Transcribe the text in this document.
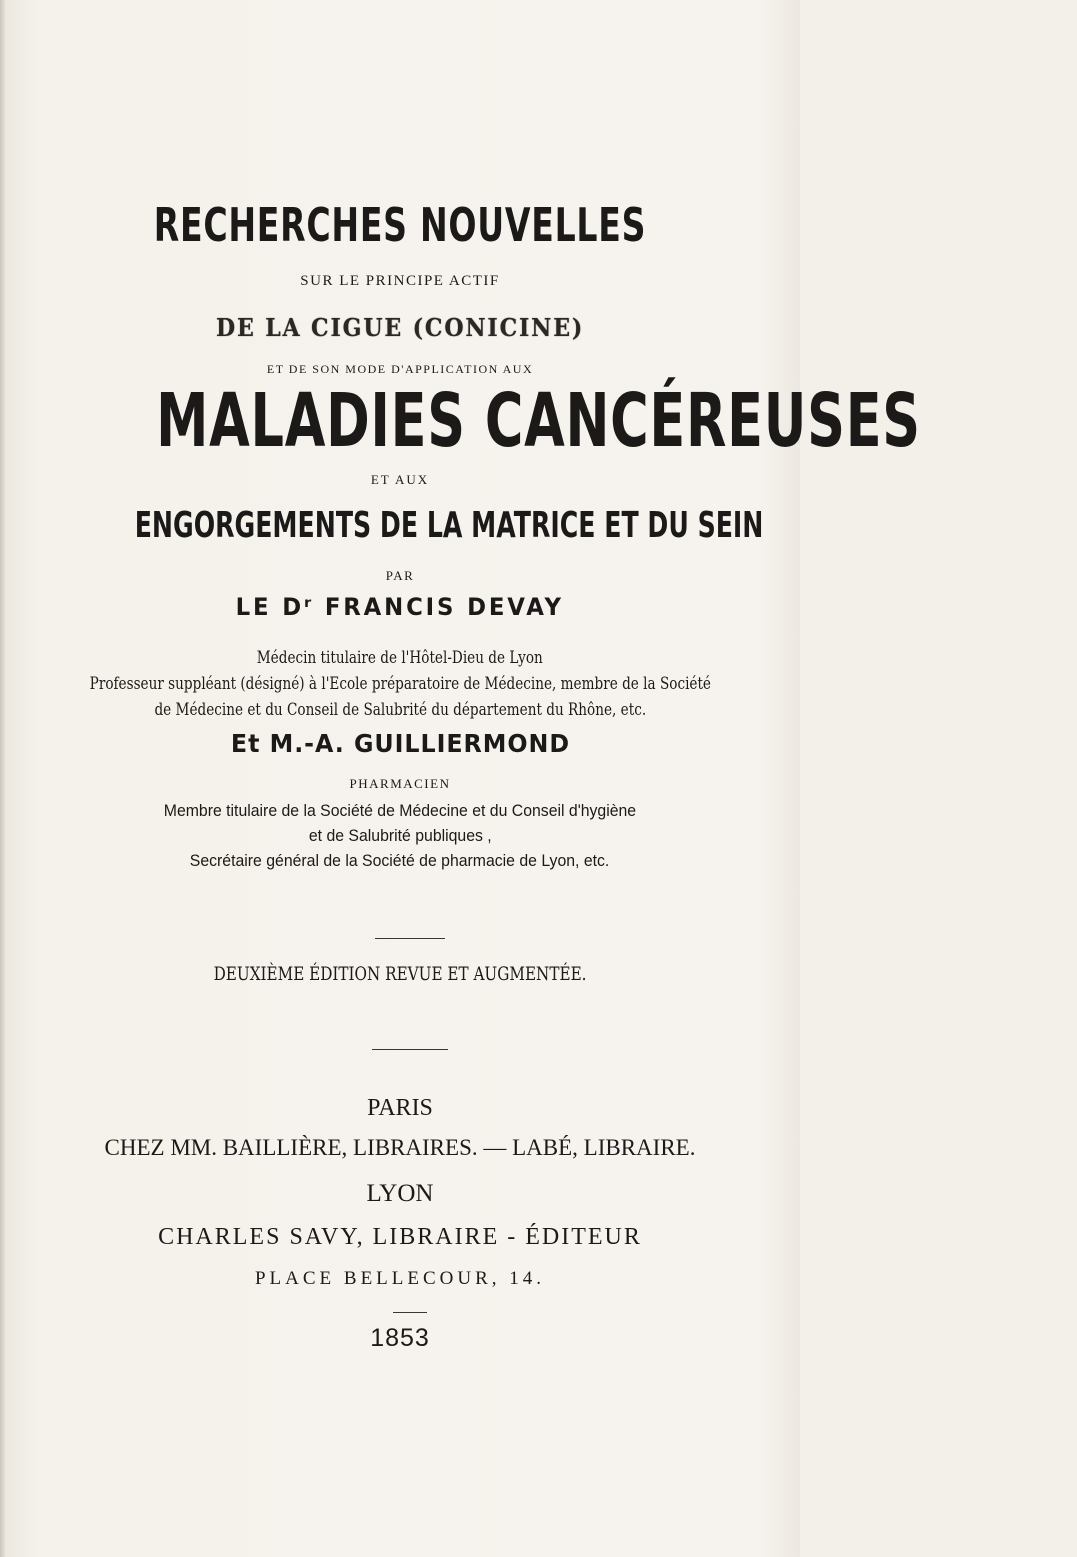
RECHERCHES NOUVELLES
SUR LE PRINCIPE ACTIF
DE LA CIGUE (CONICINE)
ET DE SON MODE D'APPLICATION AUX
MALADIES CANCÉREUSES
ET AUX
ENGORGEMENTS DE LA MATRICE ET DU SEIN
PAR
LE Dʳ FRANCIS DEVAY
Médecin titulaire de l'Hôtel-Dieu de Lyon
Professeur suppléant (désigné) à l'Ecole préparatoire de Médecine, membre de la Société
de Médecine et du Conseil de Salubrité du département du Rhône, etc.
Et M.-A. GUILLIERMOND
PHARMACIEN
Membre titulaire de la Société de Médecine et du Conseil d'hygiène
et de Salubrité publiques ,
Secrétaire général de la Société de pharmacie de Lyon, etc.
DEUXIÈME ÉDITION REVUE ET AUGMENTÉE.
PARIS
CHEZ MM. BAILLIÈRE, LIBRAIRES. — LABÉ, LIBRAIRE.
LYON
CHARLES SAVY, LIBRAIRE - ÉDITEUR
PLACE BELLECOUR, 14.
1853
